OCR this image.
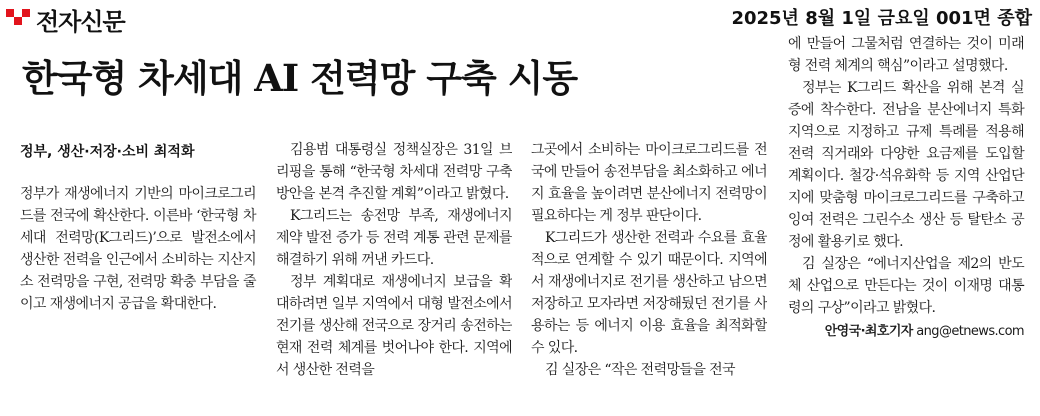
전자신문	2025년 8월 1일 금요일 001면 종합
한국형 차세대 AI 전력망 구축 시동
정부, 생산·저장·소비 최적화

정부가 재생에너지 기반의 마이크로그리드를 전국에 확산한다. 이른바 ‘한국형 차세대 전력망(K그리드)’으로 발전소에서 생산한 전력을 인근에서 소비하는 지산지소 전력망을 구현, 전력망 확충 부담을 줄이고 재생에너지 공급을 확대한다.

김용범 대통령실 정책실장은 31일 브리핑을 통해 “한국형 차세대 전력망 구축 방안을 본격 추진할 계획”이라고 밝혔다.

K그리드는 송전망 부족, 재생에너지 제약 발전 증가 등 전력 계통 관련 문제를 해결하기 위해 꺼낸 카드다.

정부 계획대로 재생에너지 보급을 확대하려면 일부 지역에서 대형 발전소에서 전기를 생산해 전국으로 장거리 송전하는 현재 전력 체계를 벗어나야 한다. 지역에서 생산한 전력을

그곳에서 소비하는 마이크로그리드를 전국에 만들어 송전부담을 최소화하고 에너지 효율을 높이려면 분산에너지 전력망이 필요하다는 게 정부 판단이다.

K그리드가 생산한 전력과 수요를 효율적으로 연계할 수 있기 때문이다. 지역에서 재생에너지로 전기를 생산하고 남으면 저장하고 모자라면 저장해뒀던 전기를 사용하는 등 에너지 이용 효율을 최적화할 수 있다.

김 실장은 “작은 전력망들을 전국

에 만들어 그물처럼 연결하는 것이 미래형 전력 체계의 핵심”이라고 설명했다.

정부는 K그리드 확산을 위해 본격 실증에 착수한다. 전남을 분산에너지 특화지역으로 지정하고 규제 특례를 적용해 전력 직거래와 다양한 요금제를 도입할 계획이다. 철강·석유화학 등 지역 산업단지에 맞춤형 마이크로그리드를 구축하고 잉여 전력은 그린수소 생산 등 탈탄소 공정에 활용키로 했다.

김 실장은 “에너지산업을 제2의 반도체 산업으로 만든다는 것이 이재명 대통령의 구상”이라고 밝혔다.

안영국·최호기자 ang@etnews.com
